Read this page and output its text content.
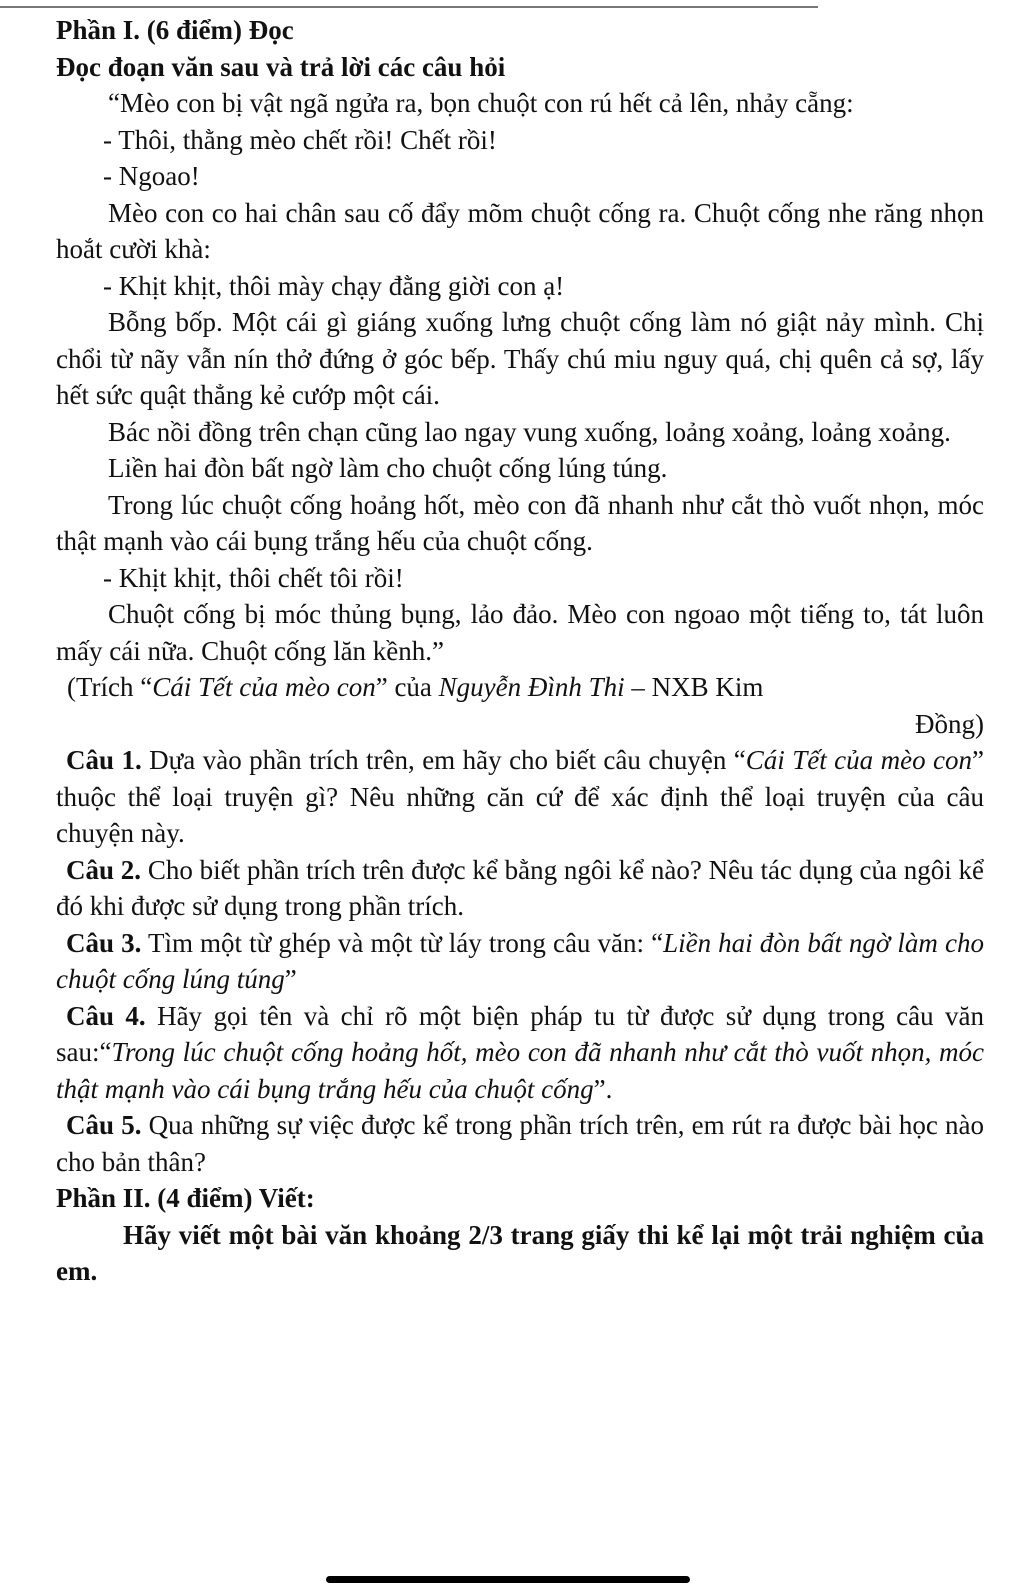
Phần I. (6 điểm) Đọc

Đọc đoạn văn sau và trả lời các câu hỏi

“Mèo con bị vật ngã ngửa ra, bọn chuột con rú hết cả lên, nhảy cẵng:

- Thôi, thằng mèo chết rồi! Chết rồi!

- Ngoao!

Mèo con co hai chân sau cố đẩy mõm chuột cống ra. Chuột cống nhe răng nhọn hoắt cười khà:

- Khịt khịt, thôi mày chạy đằng giời con ạ!

Bỗng bốp. Một cái gì giáng xuống lưng chuột cống làm nó giật nảy mình. Chị chổi từ nãy vẫn nín thở đứng ở góc bếp. Thấy chú miu nguy quá, chị quên cả sợ, lấy hết sức quật thẳng kẻ cướp một cái.

Bác nồi đồng trên chạn cũng lao ngay vung xuống, loảng xoảng, loảng xoảng.

Liền hai đòn bất ngờ làm cho chuột cống lúng túng.

Trong lúc chuột cống hoảng hốt, mèo con đã nhanh như cắt thò vuốt nhọn, móc thật mạnh vào cái bụng trắng hếu của chuột cống.

- Khịt khịt, thôi chết tôi rồi!

Chuột cống bị móc thủng bụng, lảo đảo. Mèo con ngoao một tiếng to, tát luôn mấy cái nữa. Chuột cống lăn kềnh.”

(Trích “Cái Tết của mèo con” của Nguyễn Đình Thi – NXB Kim

Đồng)

Câu 1. Dựa vào phần trích trên, em hãy cho biết câu chuyện “Cái Tết của mèo con” thuộc thể loại truyện gì? Nêu những căn cứ để xác định thể loại truyện của câu chuyện này.

Câu 2. Cho biết phần trích trên được kể bằng ngôi kể nào? Nêu tác dụng của ngôi kể đó khi được sử dụng trong phần trích.

Câu 3. Tìm một từ ghép và một từ láy trong câu văn: “Liền hai đòn bất ngờ làm cho chuột cống lúng túng”

Câu 4. Hãy gọi tên và chỉ rõ một biện pháp tu từ được sử dụng trong câu văn sau:“Trong lúc chuột cống hoảng hốt, mèo con đã nhanh như cắt thò vuốt nhọn, móc thật mạnh vào cái bụng trắng hếu của chuột cống”.

Câu 5. Qua những sự việc được kể trong phần trích trên, em rút ra được bài học nào cho bản thân?

Phần II. (4 điểm) Viết:

Hãy viết một bài văn khoảng 2/3 trang giấy thi kể lại một trải nghiệm của em.
